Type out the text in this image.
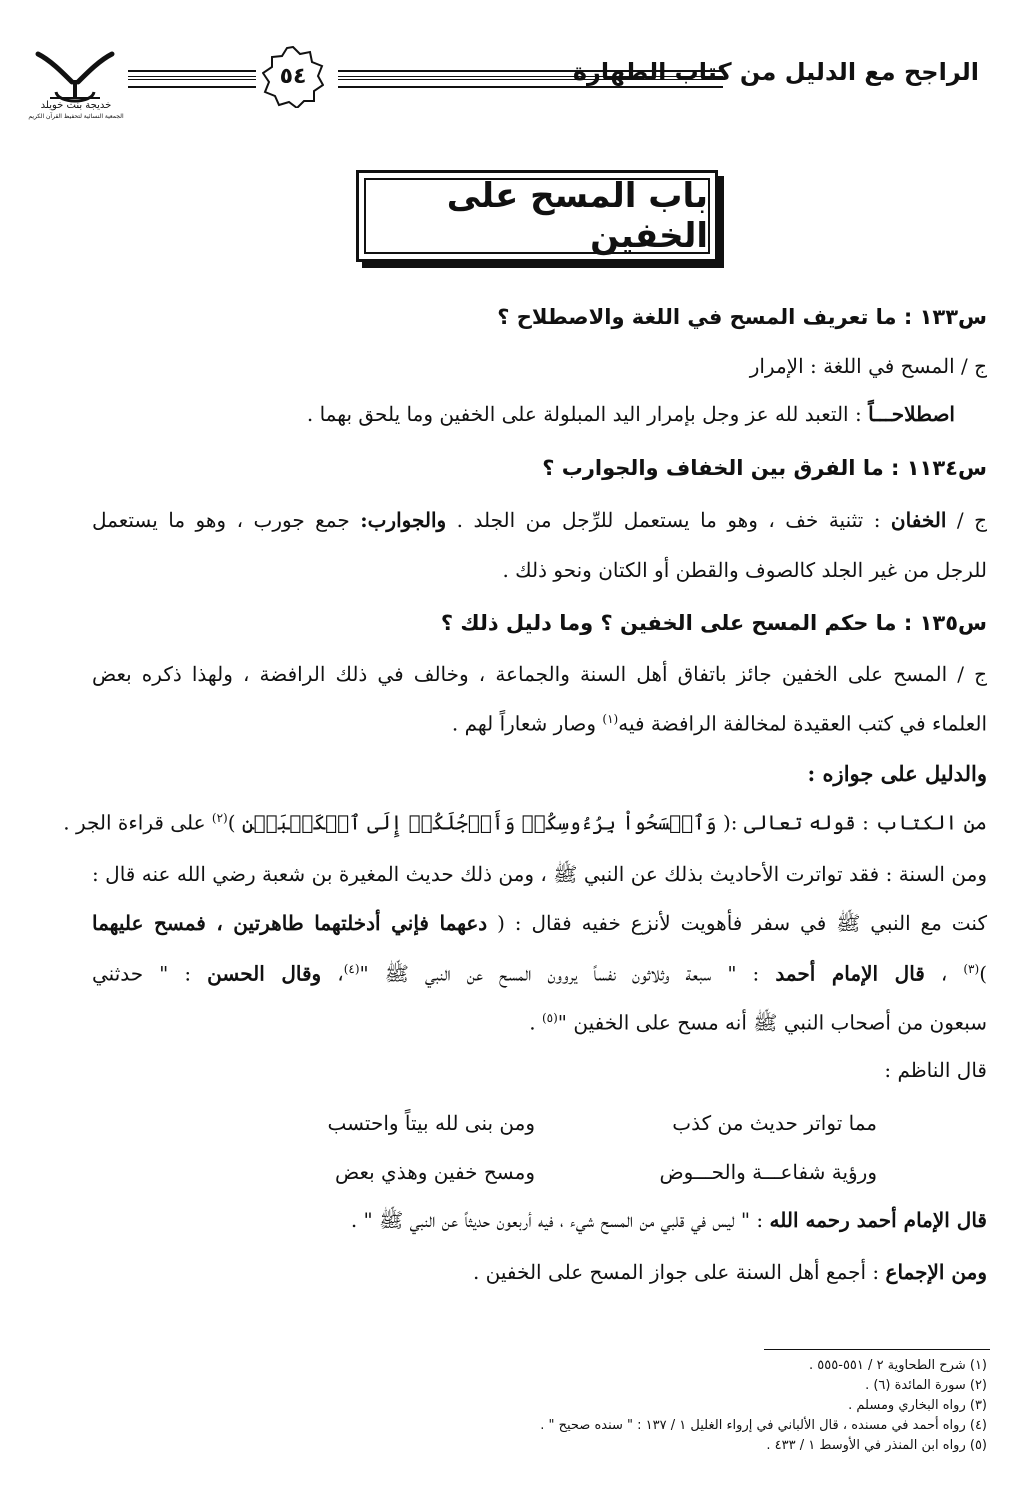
الراجح مع الدليل من كتاب الطهارة
٥٤
خديجة بنت خويلد
الجمعية النسائية لتحفيظ القرآن الكريم
باب المسح على الخفين
س١٣٣ : ما تعريف المسح في اللغة والاصطلاح ؟
ج / المسح في اللغة : الإمرار
اصطلاحـــاً : التعبد لله عز وجل بإمرار اليد المبلولة على الخفين وما يلحق بهما .
س١١٣٤ : ما الفرق بين الخفاف والجوارب ؟
ج / الخفان : تثنية خف ، وهو ما يستعمل للرِّجل من الجلد . والجوارب: جمع جورب ، وهو ما يستعمل
للرجل من غير الجلد كالصوف والقطن أو الكتان ونحو ذلك .
س١٣٥ : ما حكم المسح على الخفين ؟ وما دليل ذلك ؟
ج / المسح على الخفين جائز باتفاق أهل السنة والجماعة ، وخالف في ذلك الرافضة ، ولهذا ذكره بعض
العلماء في كتب العقيدة لمخالفة الرافضة فيه$^{(١)}$ وصار شعاراً لهم .
والدليل على جوازه :
من الكتاب : قوله تعالى :( وَٱمۡسَحُواْ بِرُءُوسِكُمۡ وَأَرۡجُلَكُمۡ إِلَى ٱلۡكَعۡبَيۡنِ )$^{(٢)}$ على قراءة الجر .
ومن السنة : فقد تواترت الأحاديث بذلك عن النبي ﷺ ، ومن ذلك حديث المغيرة بن شعبة رضي الله عنه قال :
كنت مع النبي ﷺ في سفر فأهويت لأنزع خفيه فقال : ( دعهما فإني أدخلتهما طاهرتين ، فمسح عليهما
)$^{(٣)}$ ، قال الإمام أحمد : " سبعة وثلاثون نفساً يروون المسح عن النبي ﷺ "$^{(٤)}$، وقال الحسن : " حدثني
سبعون من أصحاب النبي ﷺ أنه مسح على الخفين "$^{(٥)}$ .
قال الناظم :
مما تواتر حديث من كذب
ومن بنى لله بيتاً واحتسب
ورؤية شفاعـــة والحـــوض
ومسح خفين وهذي بعض
قال الإمام أحمد رحمه الله : " ليس في قلبي من المسح شيء ، فيه أربعون حديثاً عن النبي ﷺ " .
ومن الإجماع : أجمع أهل السنة على جواز المسح على الخفين .
(١) شرح الطحاوية ٢ / ٥٥١-٥٥٥ .
(٢) سورة المائدة (٦) .
(٣) رواه البخاري ومسلم .
(٤) رواه أحمد في مسنده ، قال الألباني في إرواء الغليل ١ / ١٣٧ : " سنده صحيح " .
(٥) رواه ابن المنذر في الأوسط ١ / ٤٣٣ .
